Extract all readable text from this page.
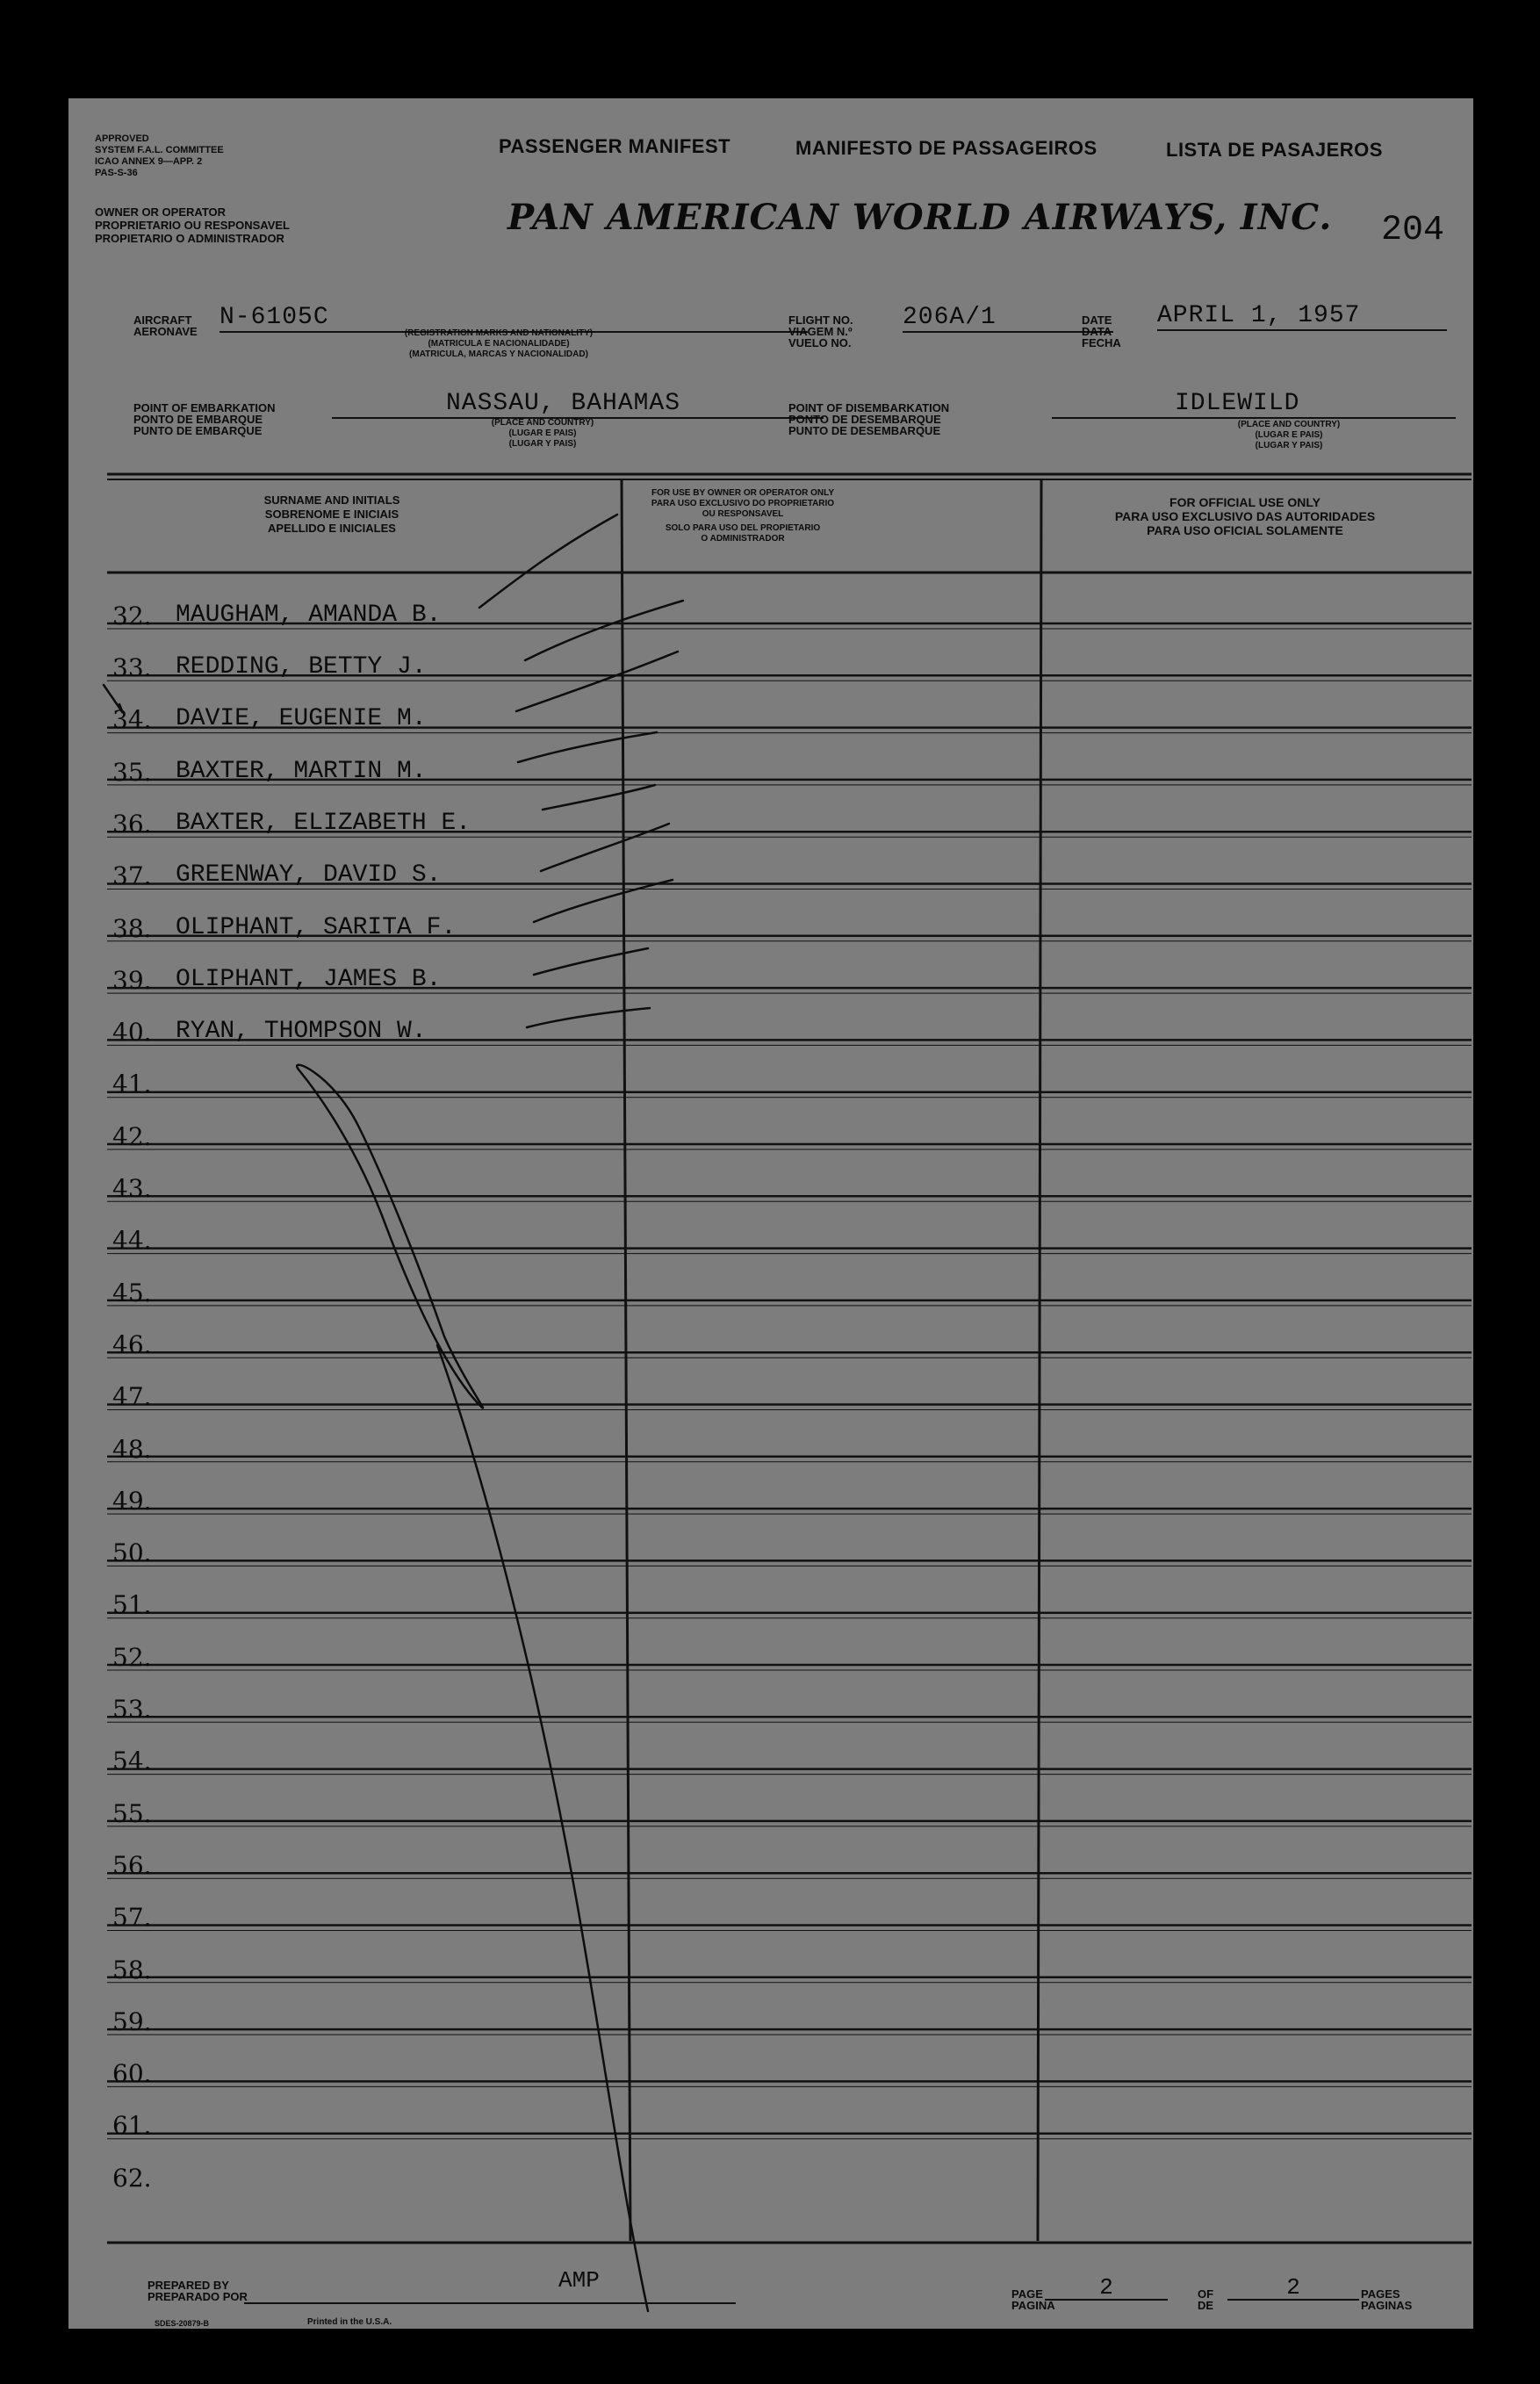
APPROVED
SYSTEM F.A.L. COMMITTEE
ICAO ANNEX 9—APP. 2
PAS-S-36
OWNER OR OPERATOR
PROPRIETARIO OU RESPONSAVEL
PROPIETARIO O ADMINISTRADOR
PASSENGER MANIFEST	MANIFESTO DE PASSAGEIROS	LISTA DE PASAJEROS
PAN AMERICAN WORLD AIRWAYS, INC. 204
AIRCRAFT
AERONAVE
N-6105C
(REGISTRATION MARKS AND NATIONALITY)
(MATRICULA E NACIONALIDADE)
(MATRICULA, MARCAS Y NACIONALIDAD)
FLIGHT NO.
VIAGEM N.º
VUELO NO.
206A/1	DATE
DATA
FECHA
APRIL 1, 1957
POINT OF EMBARKATION
PONTO DE EMBARQUE
PUNTO DE EMBARQUE
NASSAU, BAHAMAS
(PLACE AND COUNTRY)
(LUGAR E PAIS)
(LUGAR Y PAIS)
POINT OF DISEMBARKATION
PONTO DE DESEMBARQUE
PUNTO DE DESEMBARQUE
IDLEWILD
(PLACE AND COUNTRY)
(LUGAR E PAIS)
(LUGAR Y PAIS)
SURNAME AND INITIALS
SOBRENOME E INICIAIS
APELLIDO E INICIALES
FOR USE BY OWNER OR OPERATOR ONLY
PARA USO EXCLUSIVO DO PROPRIETARIO
OU RESPONSAVEL
SOLO PARA USO DEL PROPIETARIO
O ADMINISTRADOR
FOR OFFICIAL USE ONLY
PARA USO EXCLUSIVO DAS AUTORIDADES
PARA USO OFICIAL SOLAMENTE
32. MAUGHAM, AMANDA B.
33. REDDING, BETTY J.
34. DAVIE, EUGENIE M.
35. BAXTER, MARTIN M.
36. BAXTER, ELIZABETH E.
37. GREENWAY, DAVID S.
38. OLIPHANT, SARITA F.
39. OLIPHANT, JAMES B.
40. RYAN, THOMPSON W.
41.
42.
43.
44.
45.
46.
47.
48.
49.
50.
51.
52.
53.
54.
55.
56.
57.
58.
59.
60.
61.
62.
PREPARED BY
PREPARADO POR
AMP
PAGE
PAGINA
2	OF
DE
2	PAGES
PAGINAS
SDES-20879-B	Printed in the U.S.A.
